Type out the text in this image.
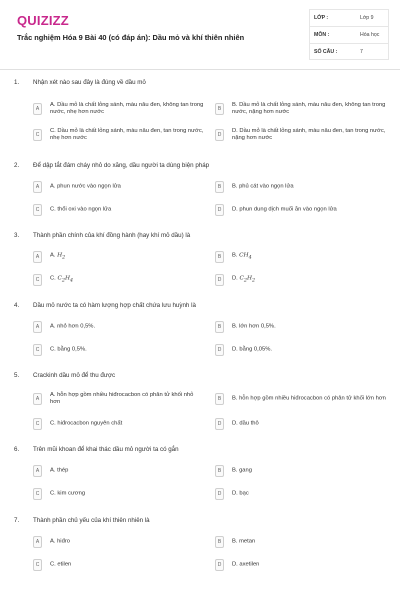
QUIZIZZ
Trắc nghiệm Hóa 9 Bài 40 (có đáp án): Dầu mỏ và khí thiên nhiên
LỚP :	Lớp 9
MÔN :	Hóa học
SỐ CÂU :	7
1. Nhận xét nào sau đây là đúng về dầu mỏ
A
A. Dầu mỏ là chất lỏng sánh, màu nâu đen, không tan trong nước, nhẹ hơn nước	B
B. Dầu mỏ là chất lỏng sánh, màu nâu đen, không tan trong nước, nặng hơn nước
C
C. Dầu mỏ là chất lỏng sánh, màu nâu đen, tan trong nước, nhẹ hơn nước	D
D. Dầu mỏ là chất lỏng sánh, màu nâu đen, tan trong nước, nặng hơn nước
2. Để dập tắt đám cháy nhỏ do xăng, dầu người ta dùng biện pháp
A	A. phun nước vào ngọn lửa	B	B. phủ cát vào ngọn lửa
C	C. thổi oxi vào ngọn lửa	D	D. phun dung dịch muối ăn vào ngọn lửa
3. Thành phần chính của khí đồng hành (hay khí mỏ dầu) là
A	A. $H_2$	B	B. $CH_4$
C	C. $C_2H_4$	D	D. $C_2H_2$
4. Dầu mỏ nước ta có hàm lượng hợp chất chứa lưu huỳnh là
A	A. nhỏ hơn 0,5%.	B	B. lớn hơn 0,5%.
C	C. bằng 0,5%.	D	D. bằng 0,05%.
5. Crackinh dầu mỏ để thu được
A
A. hỗn hợp gồm nhiều hiđrocacbon có phân tử khối nhỏ hơn	B	B. hỗn hợp gồm nhiều hiđrocacbon có phân tử khối lớn hơn
C	C. hiđrocacbon nguyên chất	D	D. dầu thô
6. Trên mũi khoan để khai thác dầu mỏ người ta có gắn
A	A. thép	B	B. gang
C	C. kim cương	D	D. bạc
7. Thành phần chủ yếu của khí thiên nhiên là
A	A. hiđro	B	B. metan
C	C. etilen	D	D. axetilen
